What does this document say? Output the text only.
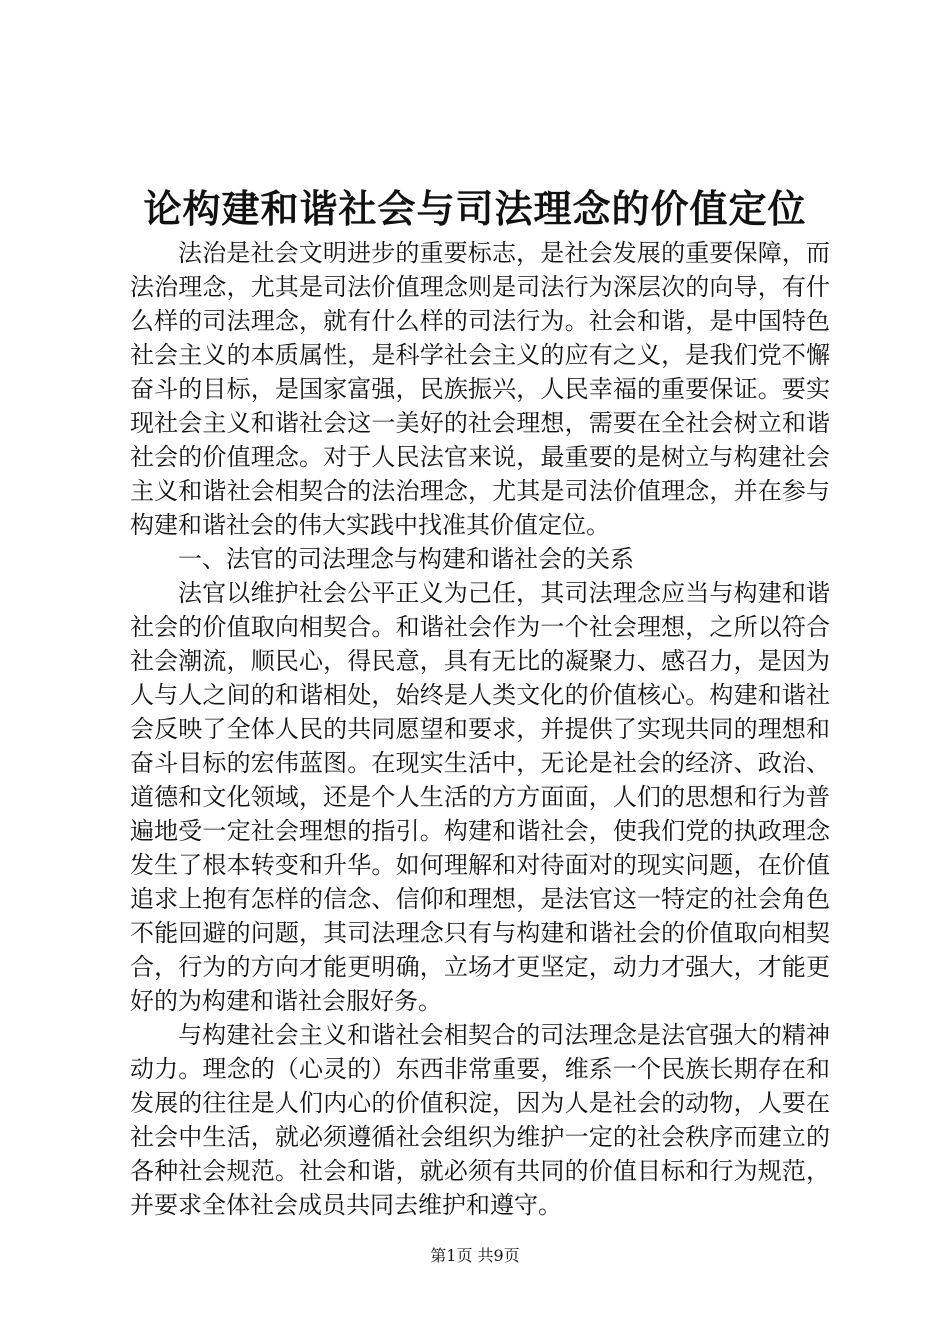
论构建和谐社会与司法理念的价值定位

法治是社会文明进步的重要标志，是社会发展的重要保障，而法治理念，尤其是司法价值理念则是司法行为深层次的向导，有什么样的司法理念，就有什么样的司法行为。社会和谐，是中国特色社会主义的本质属性，是科学社会主义的应有之义，是我们党不懈奋斗的目标，是国家富强，民族振兴，人民幸福的重要保证。要实现社会主义和谐社会这一美好的社会理想，需要在全社会树立和谐社会的价值理念。对于人民法官来说，最重要的是树立与构建社会主义和谐社会相契合的法治理念，尤其是司法价值理念，并在参与构建和谐社会的伟大实践中找准其价值定位。

一、法官的司法理念与构建和谐社会的关系

法官以维护社会公平正义为己任，其司法理念应当与构建和谐社会的价值取向相契合。和谐社会作为一个社会理想，之所以符合社会潮流，顺民心，得民意，具有无比的凝聚力、感召力，是因为人与人之间的和谐相处，始终是人类文化的价值核心。构建和谐社会反映了全体人民的共同愿望和要求，并提供了实现共同的理想和奋斗目标的宏伟蓝图。在现实生活中，无论是社会的经济、政治、道德和文化领域，还是个人生活的方方面面，人们的思想和行为普遍地受一定社会理想的指引。构建和谐社会，使我们党的执政理念发生了根本转变和升华。如何理解和对待面对的现实问题，在价值追求上抱有怎样的信念、信仰和理想，是法官这一特定的社会角色不能回避的问题，其司法理念只有与构建和谐社会的价值取向相契合，行为的方向才能更明确，立场才更坚定，动力才强大，才能更好的为构建和谐社会服好务。

与构建社会主义和谐社会相契合的司法理念是法官强大的精神动力。理念的（心灵的）东西非常重要，维系一个民族长期存在和发展的往往是人们内心的价值积淀，因为人是社会的动物，人要在社会中生活，就必须遵循社会组织为维护一定的社会秩序而建立的各种社会规范。社会和谐，就必须有共同的价值目标和行为规范，并要求全体社会成员共同去维护和遵守。

第1页 共9页
